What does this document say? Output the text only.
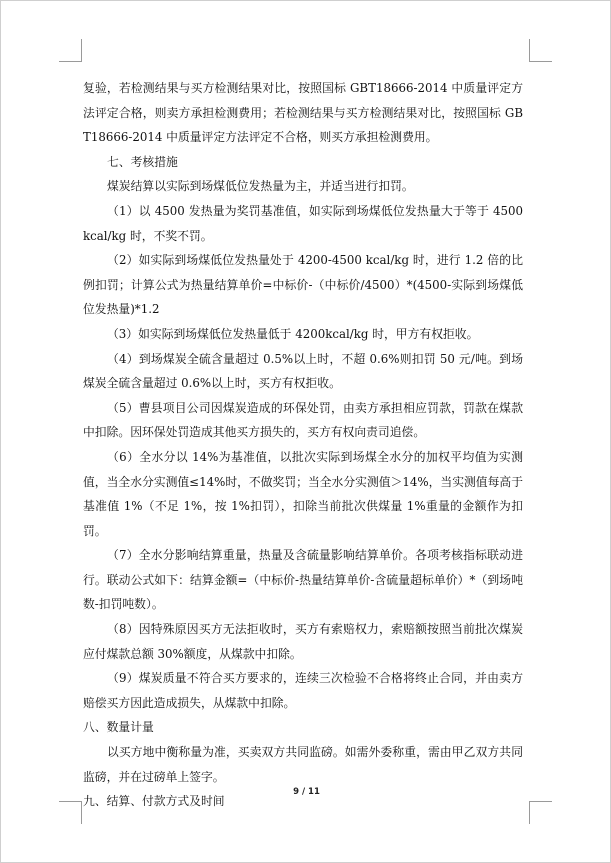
复验，若检测结果与买方检测结果对比，按照国标 GBT18666-2014 中质量评定方法评定合格，则卖方承担检测费用；若检测结果与买方检测结果对比，按照国标 GBT18666-2014 中质量评定方法评定不合格，则买方承担检测费用。

七、考核措施

煤炭结算以实际到场煤低位发热量为主，并适当进行扣罚。

（1）以 4500 发热量为奖罚基准值，如实际到场煤低位发热量大于等于 4500kcal/kg 时，不奖不罚。

（2）如实际到场煤低位发热量处于 4200-4500 kcal/kg 时，进行 1.2 倍的比例扣罚；计算公式为热量结算单价=中标价-（中标价/4500）*(4500-实际到场煤低位发热量)*1.2

（3）如实际到场煤低位发热量低于 4200kcal/kg 时，甲方有权拒收。

（4）到场煤炭全硫含量超过 0.5%以上时，不超 0.6%则扣罚 50 元/吨。到场煤炭全硫含量超过 0.6%以上时，买方有权拒收。

（5）曹县项目公司因煤炭造成的环保处罚，由卖方承担相应罚款，罚款在煤款中扣除。因环保处罚造成其他买方损失的，买方有权向责司追偿。

（6）全水分以 14%为基准值，以批次实际到场煤全水分的加权平均值为实测值，当全水分实测值≤14%时，不做奖罚；当全水分实测值＞14%，当实测值每高于基准值 1%（不足 1%，按 1%扣罚），扣除当前批次供煤量 1%重量的金额作为扣罚。

（7）全水分影响结算重量，热量及含硫量影响结算单价。各项考核指标联动进行。联动公式如下：结算金额=（中标价-热量结算单价-含硫量超标单价）*（到场吨数-扣罚吨数）。

（8）因特殊原因买方无法拒收时，买方有索赔权力，索赔额按照当前批次煤炭应付煤款总额 30%额度，从煤款中扣除。

（9）煤炭质量不符合买方要求的，连续三次检验不合格将终止合同，并由卖方赔偿买方因此造成损失，从煤款中扣除。

八、数量计量

以买方地中衡称量为准，买卖双方共同监磅。如需外委称重，需由甲乙双方共同监磅，并在过磅单上签字。

九、结算、付款方式及时间

9 / 11
